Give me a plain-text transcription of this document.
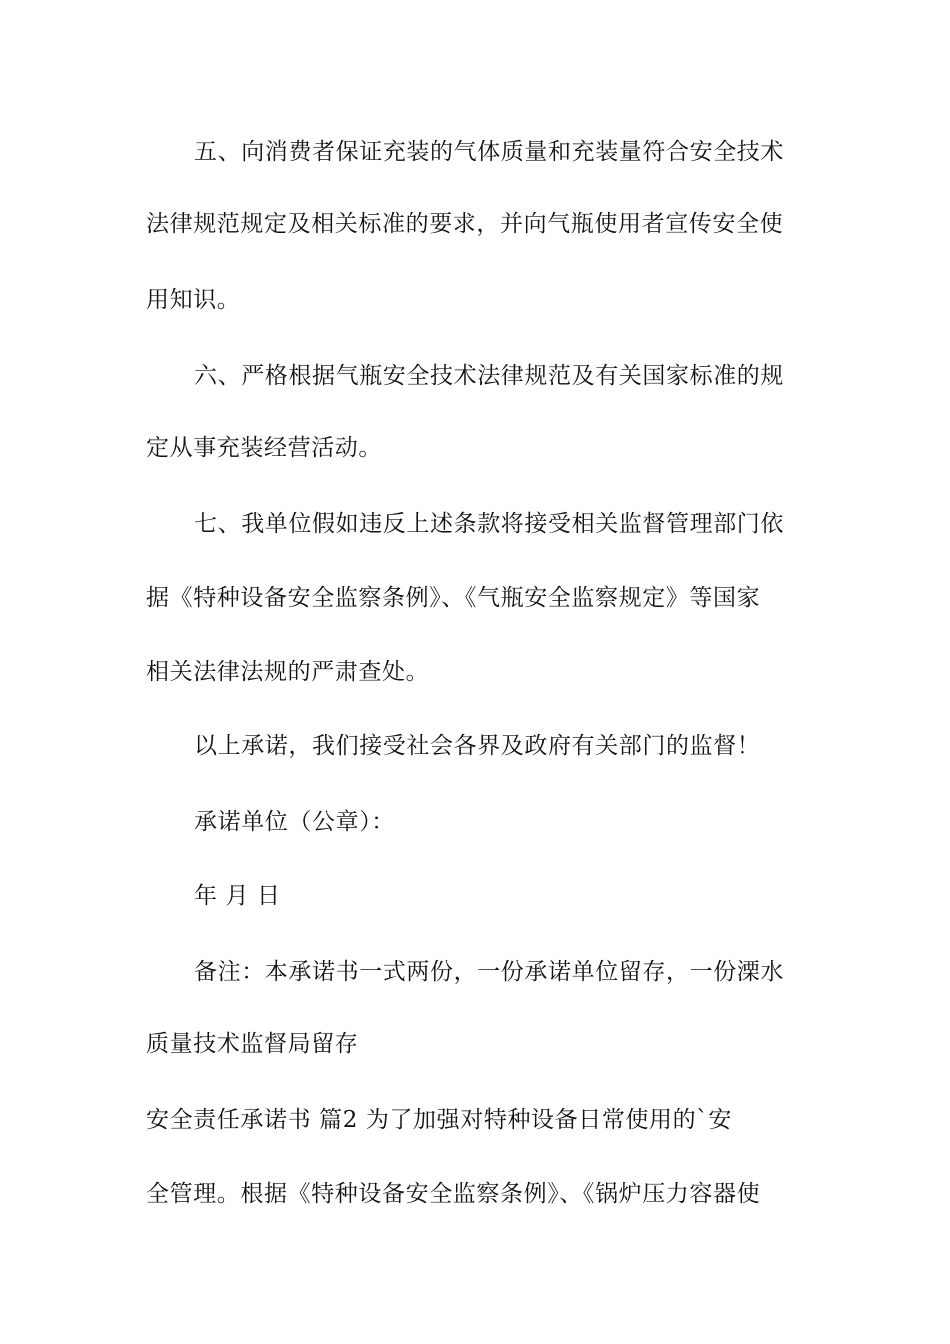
五、向消费者保证充装的气体质量和充装量符合安全技术
法律规范规定及相关标准的要求，并向气瓶使用者宣传安全使
用知识。
六、严格根据气瓶安全技术法律规范及有关国家标准的规
定从事充装经营活动。
七、我单位假如违反上述条款将接受相关监督管理部门依
据《特种设备安全监察条例》、《气瓶安全监察规定》等国家
相关法律法规的严肃查处。
以上承诺，我们接受社会各界及政府有关部门的监督！
承诺单位（公章）：
年 月 日
备注：本承诺书一式两份，一份承诺单位留存，一份溧水
质量技术监督局留存
安全责任承诺书 篇2 为了加强对特种设备日常使用的`安
全管理。根据《特种设备安全监察条例》、《锅炉压力容器使
